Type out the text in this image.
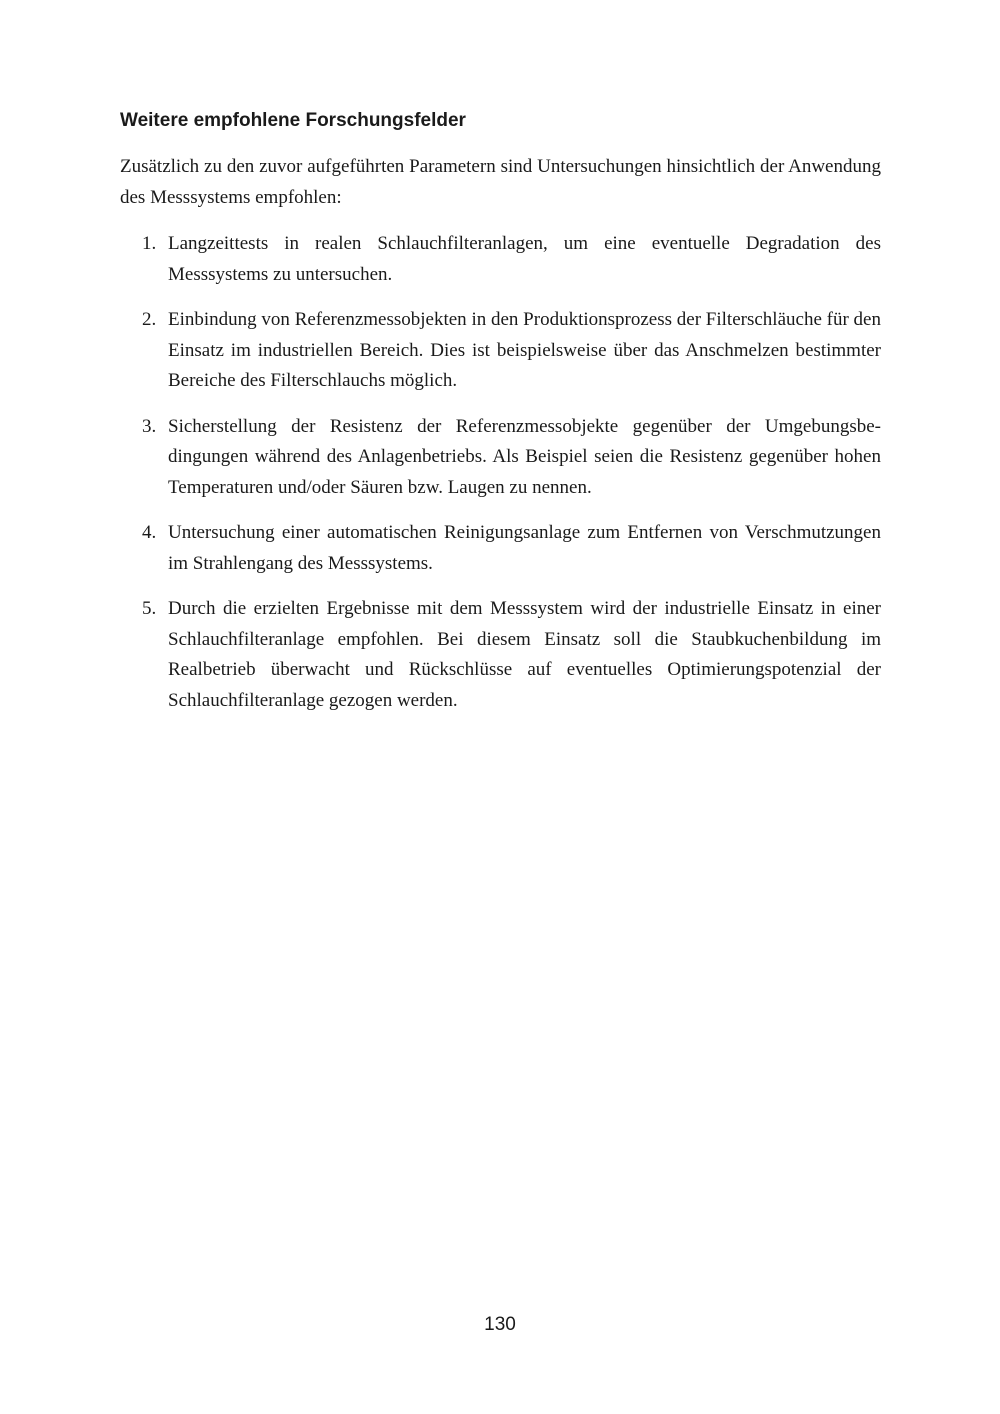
Weitere empfohlene Forschungsfelder

Zusätzlich zu den zuvor aufgeführten Parametern sind Untersuchungen hinsichtlich der Anwendung des Messsystems empfohlen:

1. Langzeittests in realen Schlauchfilteranlagen, um eine eventuelle Degradation des Messsystems zu untersuchen.
2. Einbindung von Referenzmessobjekten in den Produktionsprozess der Filterschläuche für den Einsatz im industriellen Bereich. Dies ist beispielsweise über das Anschmelzen bestimmter Bereiche des Filterschlauchs möglich.
3. Sicherstellung der Resistenz der Referenzmessobjekte gegenüber der Umgebungsbedingungen während des Anlagenbetriebs. Als Beispiel seien die Resistenz gegenüber hohen Temperaturen und/oder Säuren bzw. Laugen zu nennen.
4. Untersuchung einer automatischen Reinigungsanlage zum Entfernen von Verschmutzungen im Strahlengang des Messsystems.
5. Durch die erzielten Ergebnisse mit dem Messsystem wird der industrielle Einsatz in einer Schlauchfilteranlage empfohlen. Bei diesem Einsatz soll die Staubkuchenbildung im Realbetrieb überwacht und Rückschlüsse auf eventuelles Optimierungspotenzial der Schlauchfilteranlage gezogen werden.
130
